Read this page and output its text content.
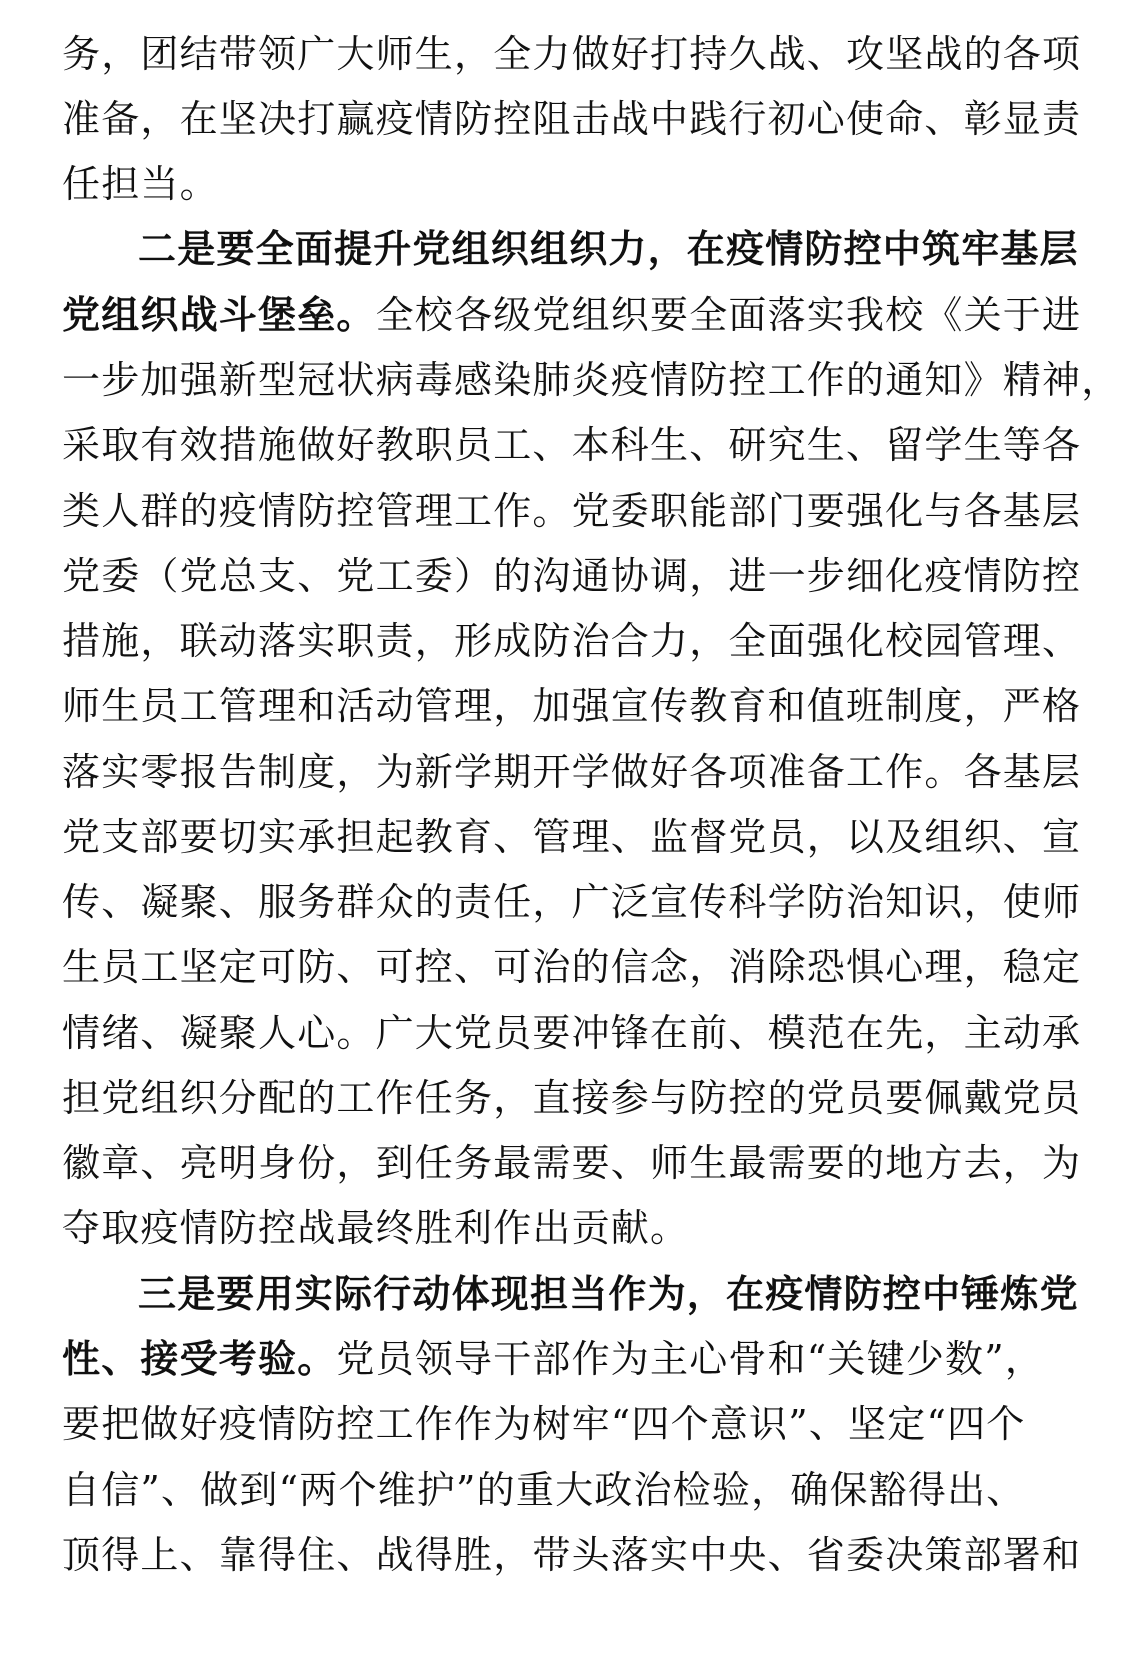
务，团结带领广大师生，全力做好打持久战、攻坚战的各项
准备，在坚决打赢疫情防控阻击战中践行初心使命、彰显责
任担当。
二是要全面提升党组织组织力，在疫情防控中筑牢基层
党组织战斗堡垒。全校各级党组织要全面落实我校《关于进
一步加强新型冠状病毒感染肺炎疫情防控工作的通知》精神，
采取有效措施做好教职员工、本科生、研究生、留学生等各
类人群的疫情防控管理工作。党委职能部门要强化与各基层
党委（党总支、党工委）的沟通协调，进一步细化疫情防控
措施，联动落实职责，形成防治合力，全面强化校园管理、
师生员工管理和活动管理，加强宣传教育和值班制度，严格
落实零报告制度，为新学期开学做好各项准备工作。各基层
党支部要切实承担起教育、管理、监督党员，以及组织、宣
传、凝聚、服务群众的责任，广泛宣传科学防治知识，使师
生员工坚定可防、可控、可治的信念，消除恐惧心理，稳定
情绪、凝聚人心。广大党员要冲锋在前、模范在先，主动承
担党组织分配的工作任务，直接参与防控的党员要佩戴党员
徽章、亮明身份，到任务最需要、师生最需要的地方去，为
夺取疫情防控战最终胜利作出贡献。
三是要用实际行动体现担当作为，在疫情防控中锤炼党
性、接受考验。党员领导干部作为主心骨和“关键少数”，
要把做好疫情防控工作作为树牢“四个意识”、坚定“四个
自信”、做到“两个维护”的重大政治检验，确保豁得出、
顶得上、靠得住、战得胜，带头落实中央、省委决策部署和
